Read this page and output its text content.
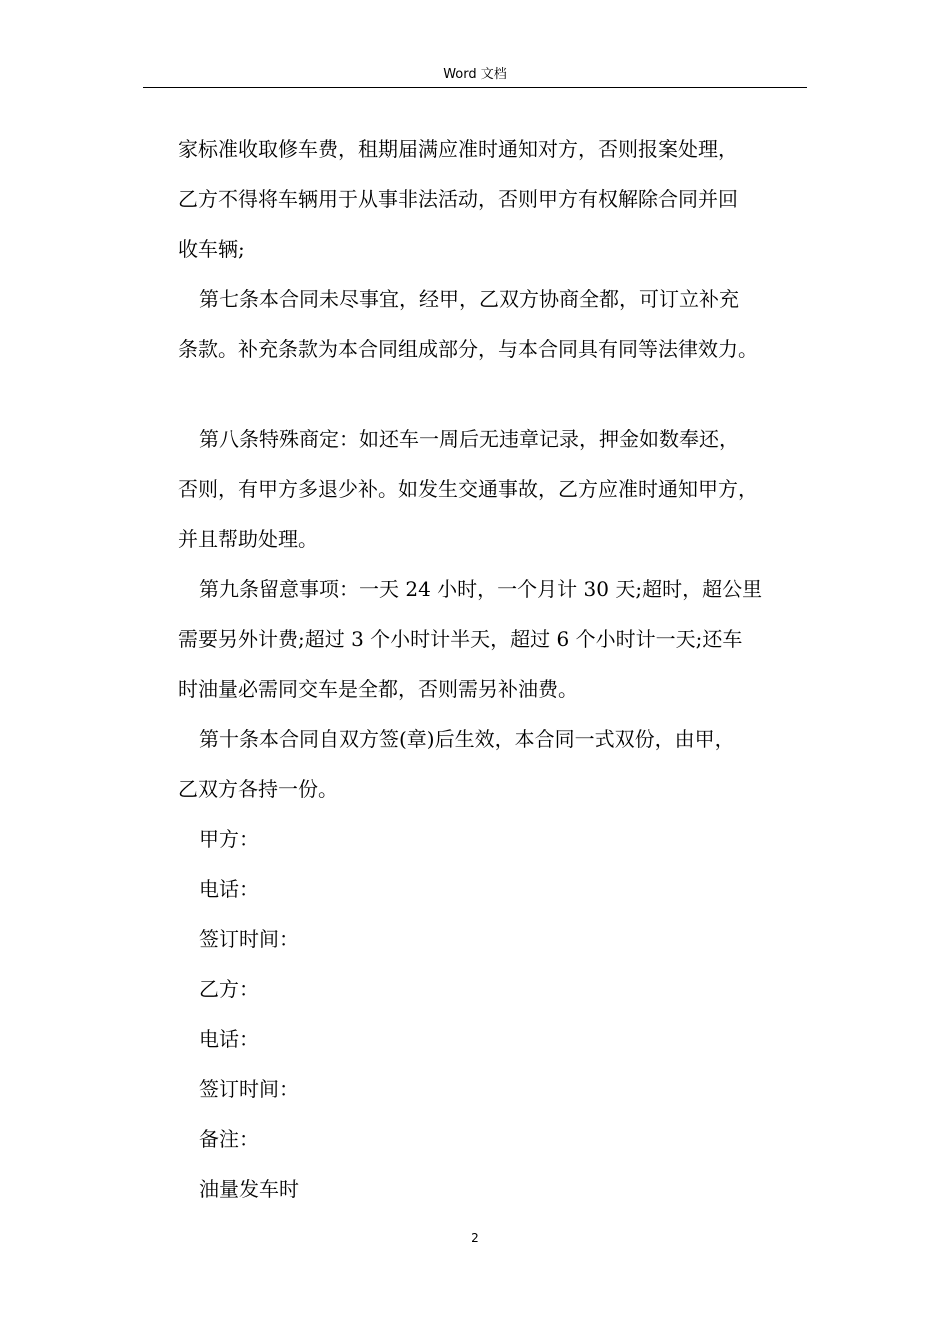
Word 文档
家标准收取修车费，租期届满应准时通知对方，否则报案处理，
乙方不得将车辆用于从事非法活动，否则甲方有权解除合同并回
收车辆;
第七条本合同未尽事宜，经甲，乙双方协商全都，可订立补充
条款。补充条款为本合同组成部分，与本合同具有同等法律效力。
第八条特殊商定：如还车一周后无违章记录，押金如数奉还，
否则，有甲方多退少补。如发生交通事故，乙方应准时通知甲方，
并且帮助处理。
第九条留意事项：一天 24 小时，一个月计 30 天;超时，超公里
需要另外计费;超过 3 个小时计半天，超过 6 个小时计一天;还车
时油量必需同交车是全都，否则需另补油费。
第十条本合同自双方签(章)后生效，本合同一式双份，由甲，
乙双方各持一份。
甲方：
电话：
签订时间：
乙方：
电话：
签订时间：
备注：
油量发车时
2
